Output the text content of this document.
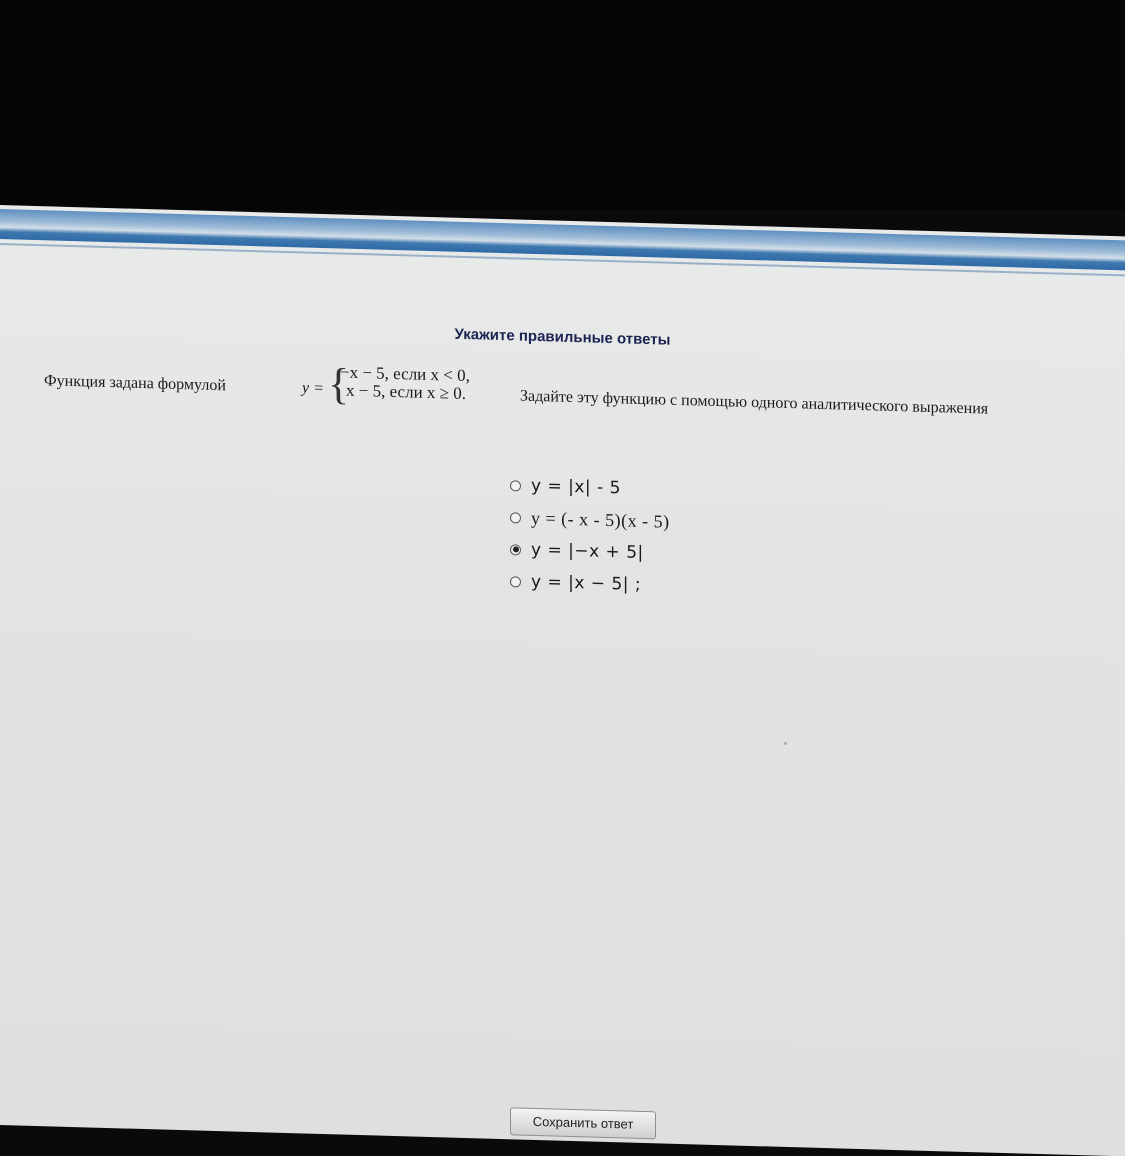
Укажите правильные ответы
Функция задана формулой	y = {
−x − 5, если x < 0,
x − 5, если x ≥ 0.	Задайте эту функцию с помощью одного аналитического выражения
y = |x| - 5
y = (- x - 5)(x - 5)
y = |−x + 5|
y = |x − 5| ;
Сохранить ответ
